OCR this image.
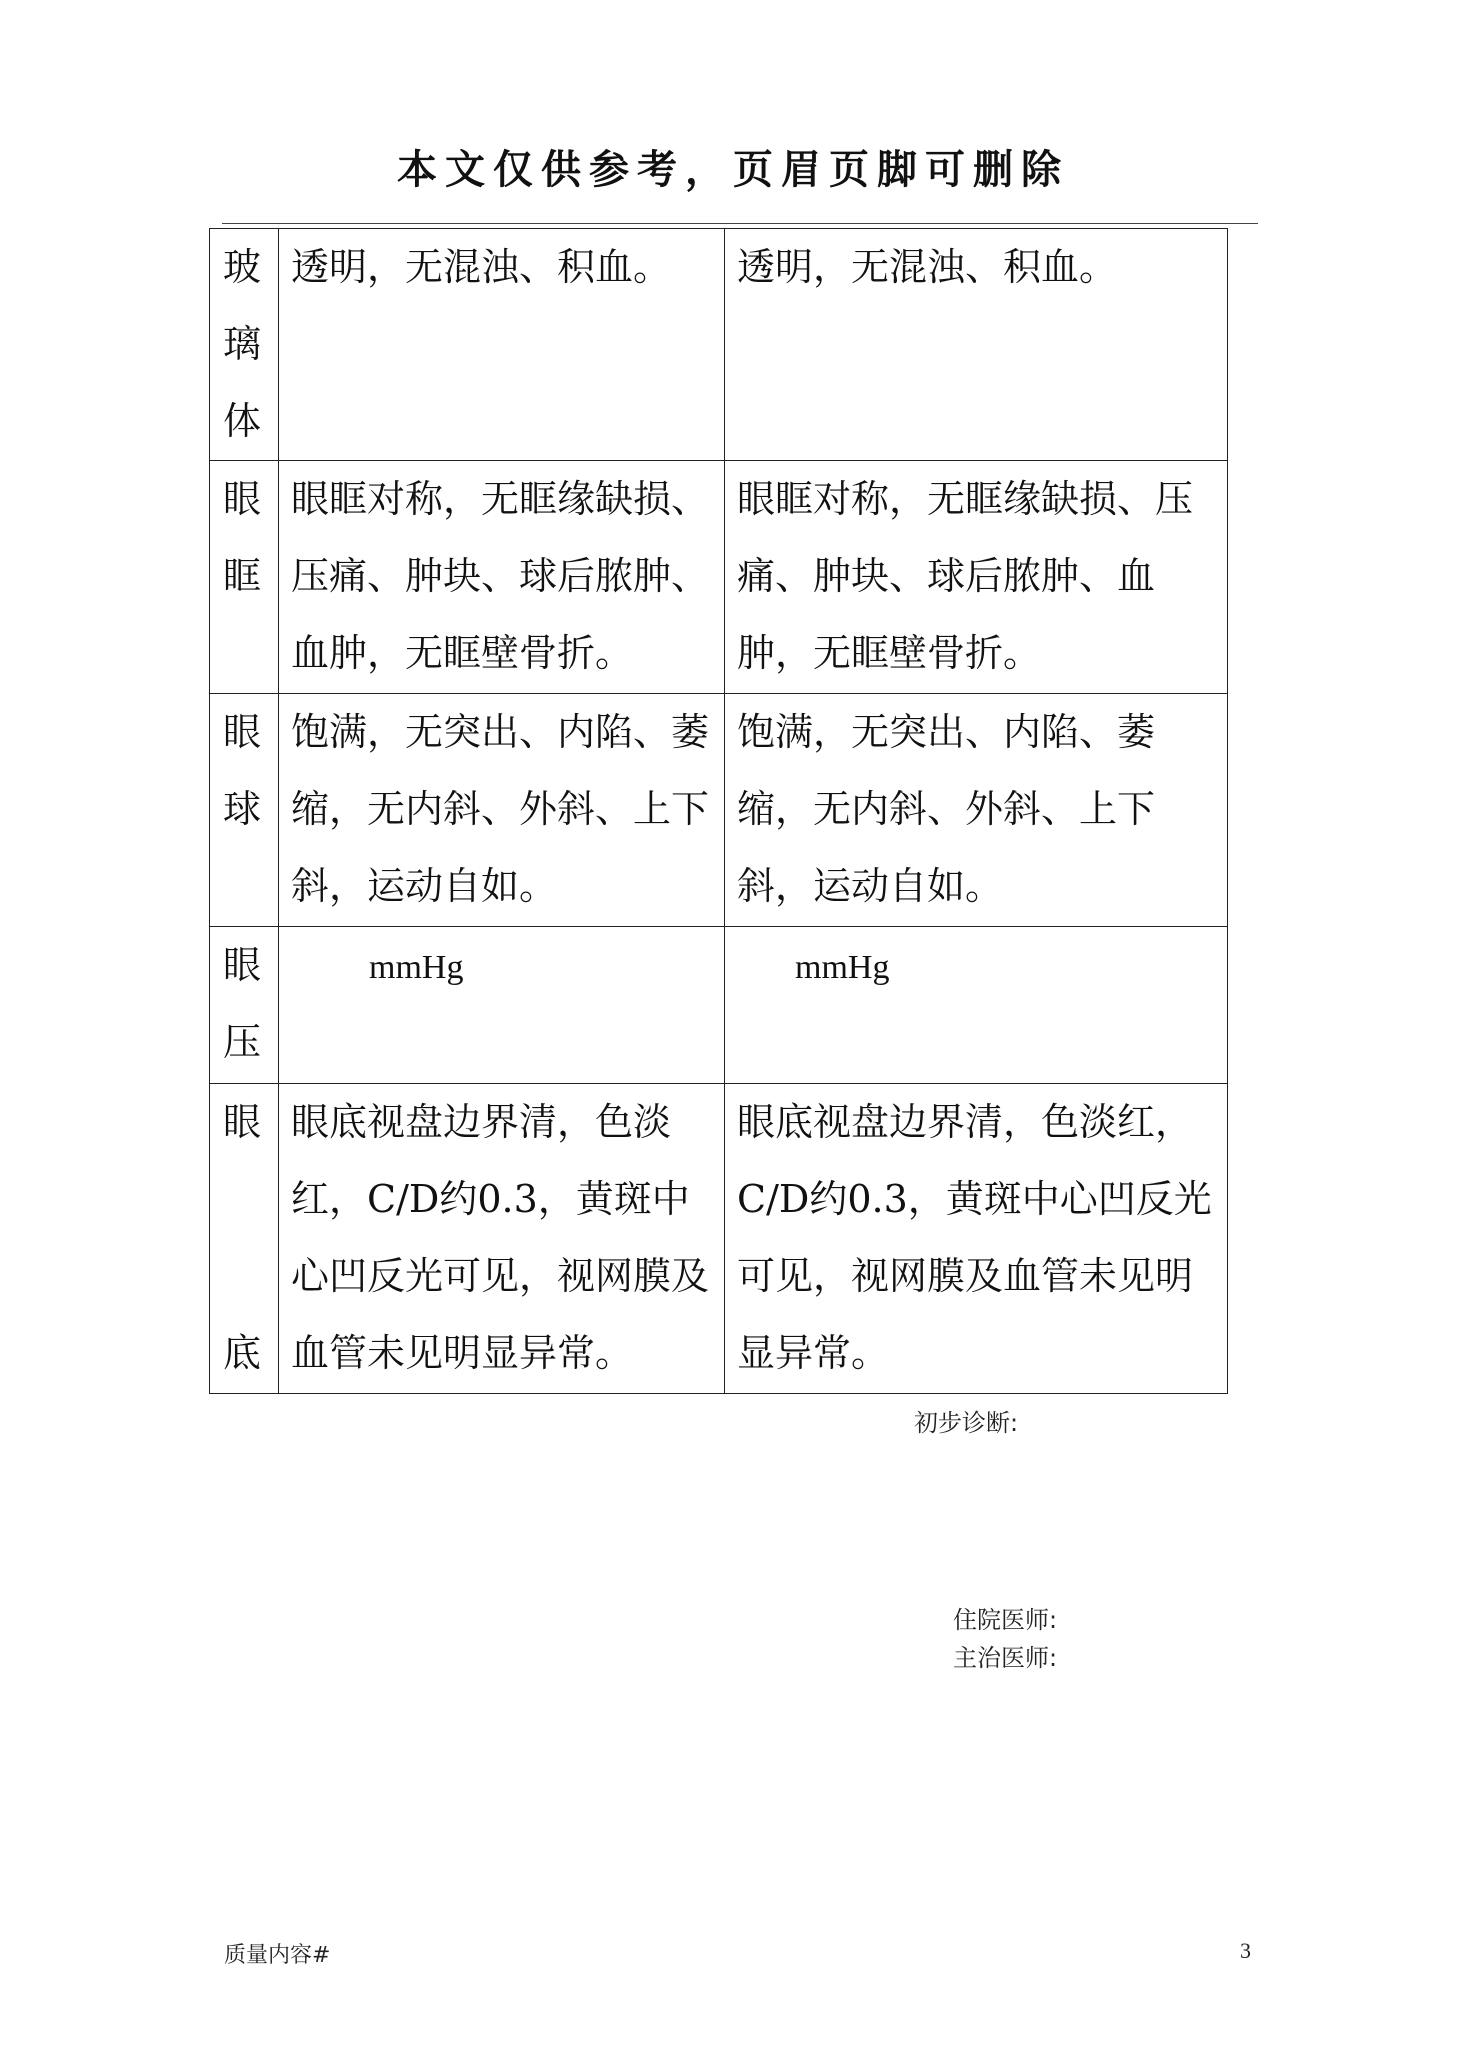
本文仅供参考，页眉页脚可删除
玻
璃
体	透明，无混浊、积血。	透明，无混浊、积血。

眼
眶	眼眶对称，无眶缘缺损、压痛、肿块、球后脓肿、血肿，无眶壁骨折。	眼眶对称，无眶缘缺损、压痛、肿块、球后脓肿、血肿，无眶壁骨折。

眼
球	饱满，无突出、内陷、萎缩，无内斜、外斜、上下斜，运动自如。	饱满，无突出、内陷、萎缩，无内斜、外斜、上下斜，运动自如。

眼
压	mmHg	mmHg

眼
底	眼底视盘边界清，色淡红，C/D约0.3，黄斑中心凹反光可见，视网膜及血管未见明显异常。	眼底视盘边界清，色淡红，C/D约0.3，黄斑中心凹反光可见，视网膜及血管未见明显异常。
初步诊断:
住院医师:
主治医师:
质量内容#	3
